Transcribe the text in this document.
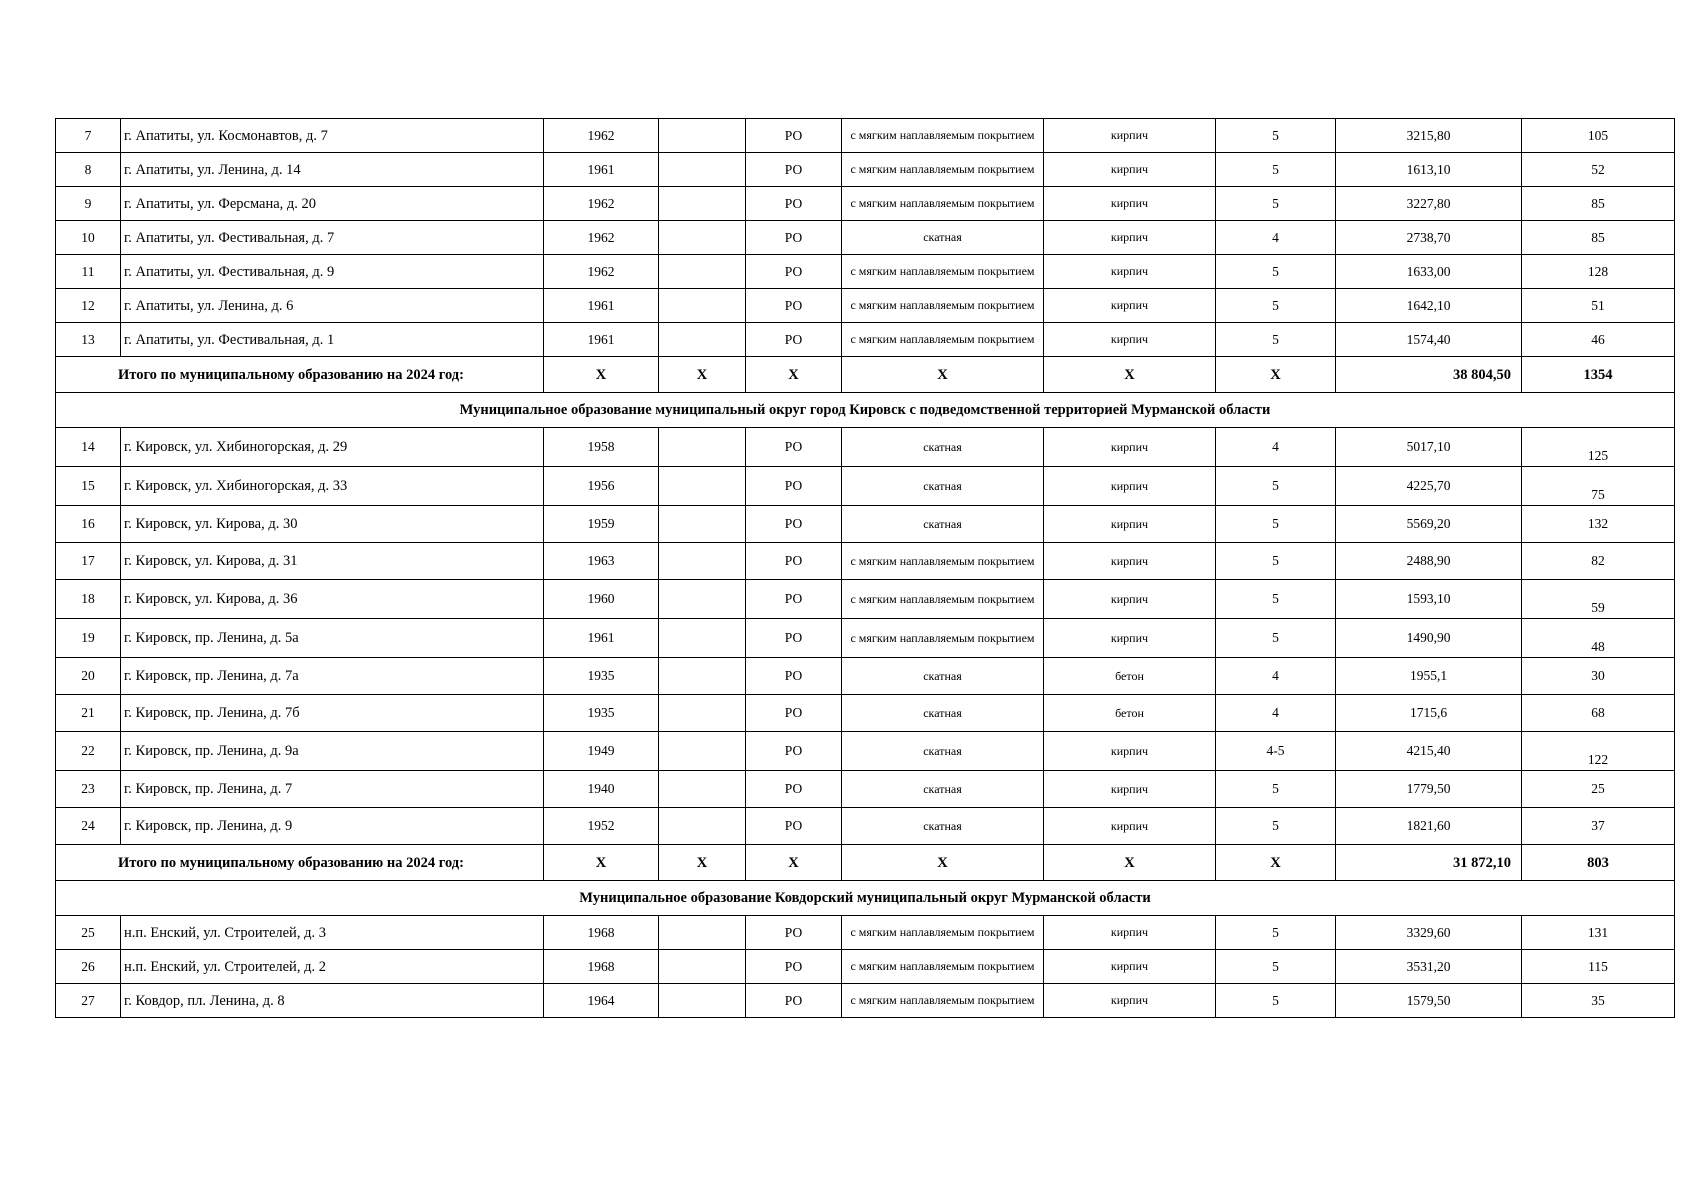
7	г. Апатиты, ул. Космонавтов, д. 7	1962		РО	с мягким наплавляемым покрытием	кирпич	5	3215,80	105
8	г. Апатиты, ул. Ленина, д. 14	1961		РО	с мягким наплавляемым покрытием	кирпич	5	1613,10	52
9	г. Апатиты, ул. Ферсмана, д. 20	1962		РО	с мягким наплавляемым покрытием	кирпич	5	3227,80	85
10	г. Апатиты, ул. Фестивальная, д. 7	1962		РО	скатная	кирпич	4	2738,70	85
11	г. Апатиты, ул. Фестивальная, д. 9	1962		РО	с мягким наплавляемым покрытием	кирпич	5	1633,00	128
12	г. Апатиты, ул. Ленина, д. 6	1961		РО	с мягким наплавляемым покрытием	кирпич	5	1642,10	51
13	г. Апатиты, ул. Фестивальная, д. 1	1961		РО	с мягким наплавляемым покрытием	кирпич	5	1574,40	46
Итого по муниципальному образованию на 2024 год:		X	X	X	X	X	X	38 804,50	1354
Муниципальное образование муниципальный округ город Кировск с подведомственной территорией Мурманской области									
14	г. Кировск, ул. Хибиногорская, д. 29	1958		РО	скатная	кирпич	4	5017,10	125
15	г. Кировск, ул. Хибиногорская, д. 33	1956		РО	скатная	кирпич	5	4225,70	75
16	г. Кировск, ул. Кирова, д. 30	1959		РО	скатная	кирпич	5	5569,20	132
17	г. Кировск, ул. Кирова, д. 31	1963		РО	с мягким наплавляемым покрытием	кирпич	5	2488,90	82
18	г. Кировск, ул. Кирова, д. 36	1960		РО	с мягким наплавляемым покрытием	кирпич	5	1593,10	59
19	г. Кировск, пр. Ленина, д. 5а	1961		РО	с мягким наплавляемым покрытием	кирпич	5	1490,90	48
20	г. Кировск, пр. Ленина, д. 7а	1935		РО	скатная	бетон	4	1955,1	30
21	г. Кировск, пр. Ленина, д. 7б	1935		РО	скатная	бетон	4	1715,6	68
22	г. Кировск, пр. Ленина, д. 9а	1949		РО	скатная	кирпич	4-5	4215,40	122
23	г. Кировск, пр. Ленина, д. 7	1940		РО	скатная	кирпич	5	1779,50	25
24	г. Кировск, пр. Ленина, д. 9	1952		РО	скатная	кирпич	5	1821,60	37
Итого по муниципальному образованию на 2024 год:		X	X	X	X	X	X	31 872,10	803
Муниципальное образование Ковдорский муниципальный округ Мурманской области									
25	н.п. Енский, ул. Строителей, д. 3	1968		РО	с мягким наплавляемым покрытием	кирпич	5	3329,60	131
26	н.п. Енский, ул. Строителей, д. 2	1968		РО	с мягким наплавляемым покрытием	кирпич	5	3531,20	115
27	г. Ковдор, пл. Ленина, д. 8	1964		РО	с мягким наплавляемым покрытием	кирпич	5	1579,50	35
